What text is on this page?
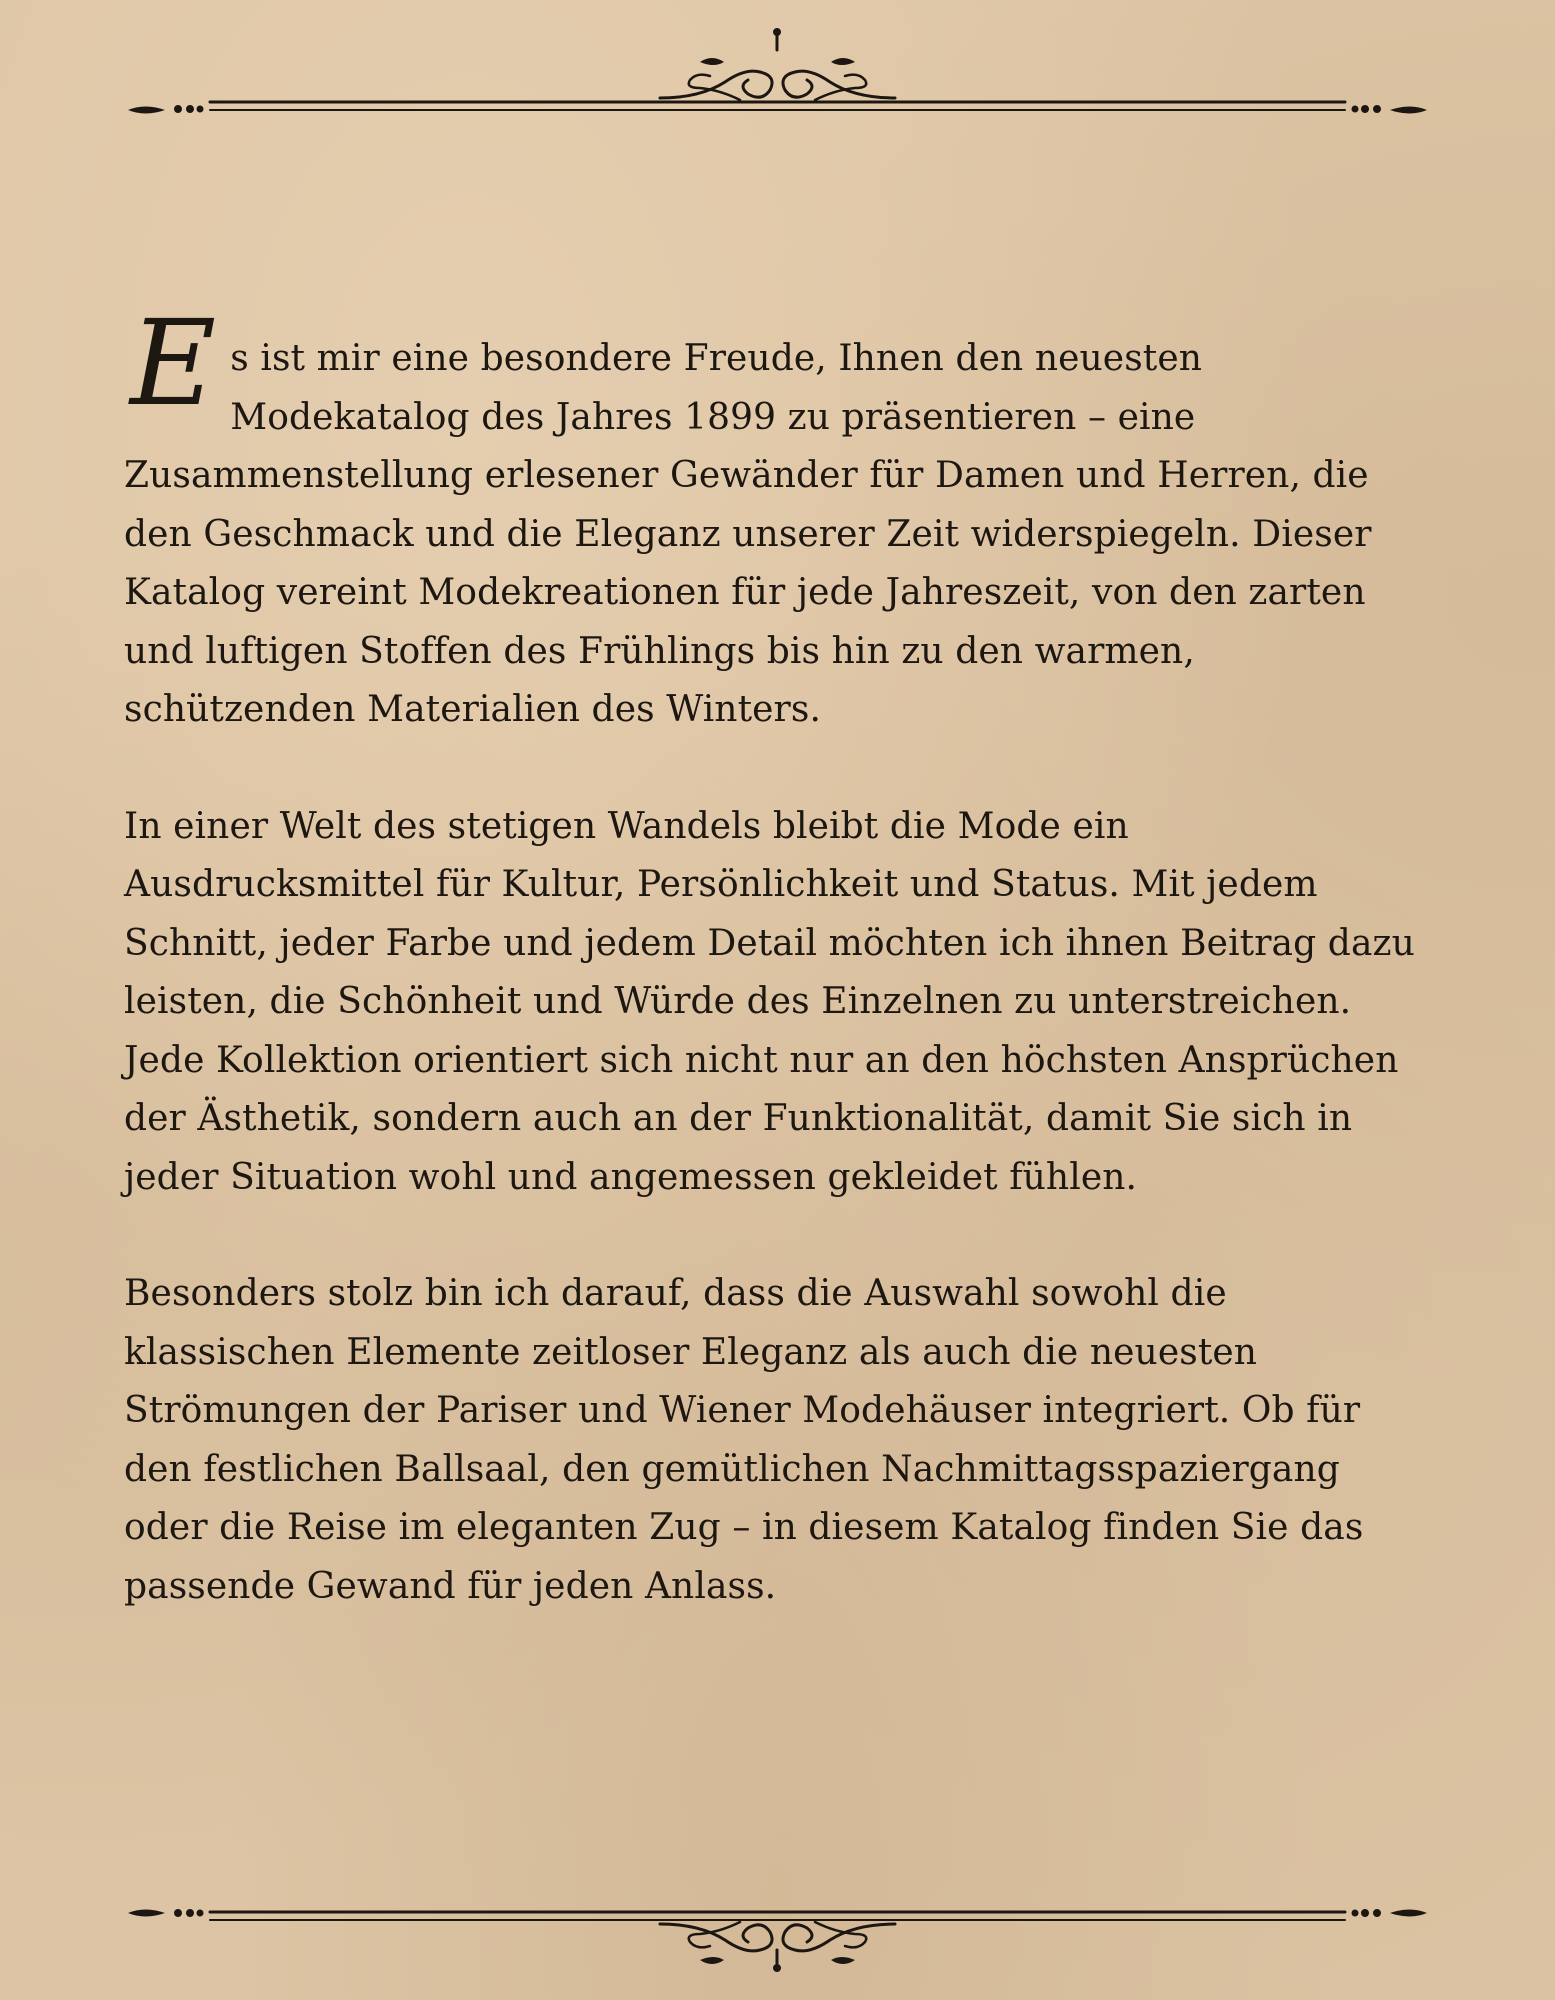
Es ist mir eine besondere Freude, Ihnen den neuesten Modekatalog des Jahres 1899 zu präsentieren – eine Zusammenstellung erlesener Gewänder für Damen und Herren, die den Geschmack und die Eleganz unserer Zeit widerspiegeln. Dieser Katalog vereint Modekreationen für jede Jahreszeit, von den zarten und luftigen Stoffen des Frühlings bis hin zu den warmen, schützenden Materialien des Winters.

In einer Welt des stetigen Wandels bleibt die Mode ein Ausdrucksmittel für Kultur, Persönlichkeit und Status. Mit jedem Schnitt, jeder Farbe und jedem Detail möchten ich ihnen Beitrag dazu leisten, die Schönheit und Würde des Einzelnen zu unterstreichen. Jede Kollektion orientiert sich nicht nur an den höchsten Ansprüchen der Ästhetik, sondern auch an der Funktionalität, damit Sie sich in jeder Situation wohl und angemessen gekleidet fühlen.

Besonders stolz bin ich darauf, dass die Auswahl sowohl die klassischen Elemente zeitloser Eleganz als auch die neuesten Strömungen der Pariser und Wiener Modehäuser integriert. Ob für den festlichen Ballsaal, den gemütlichen Nachmittagsspaziergang oder die Reise im eleganten Zug – in diesem Katalog finden Sie das passende Gewand für jeden Anlass.
